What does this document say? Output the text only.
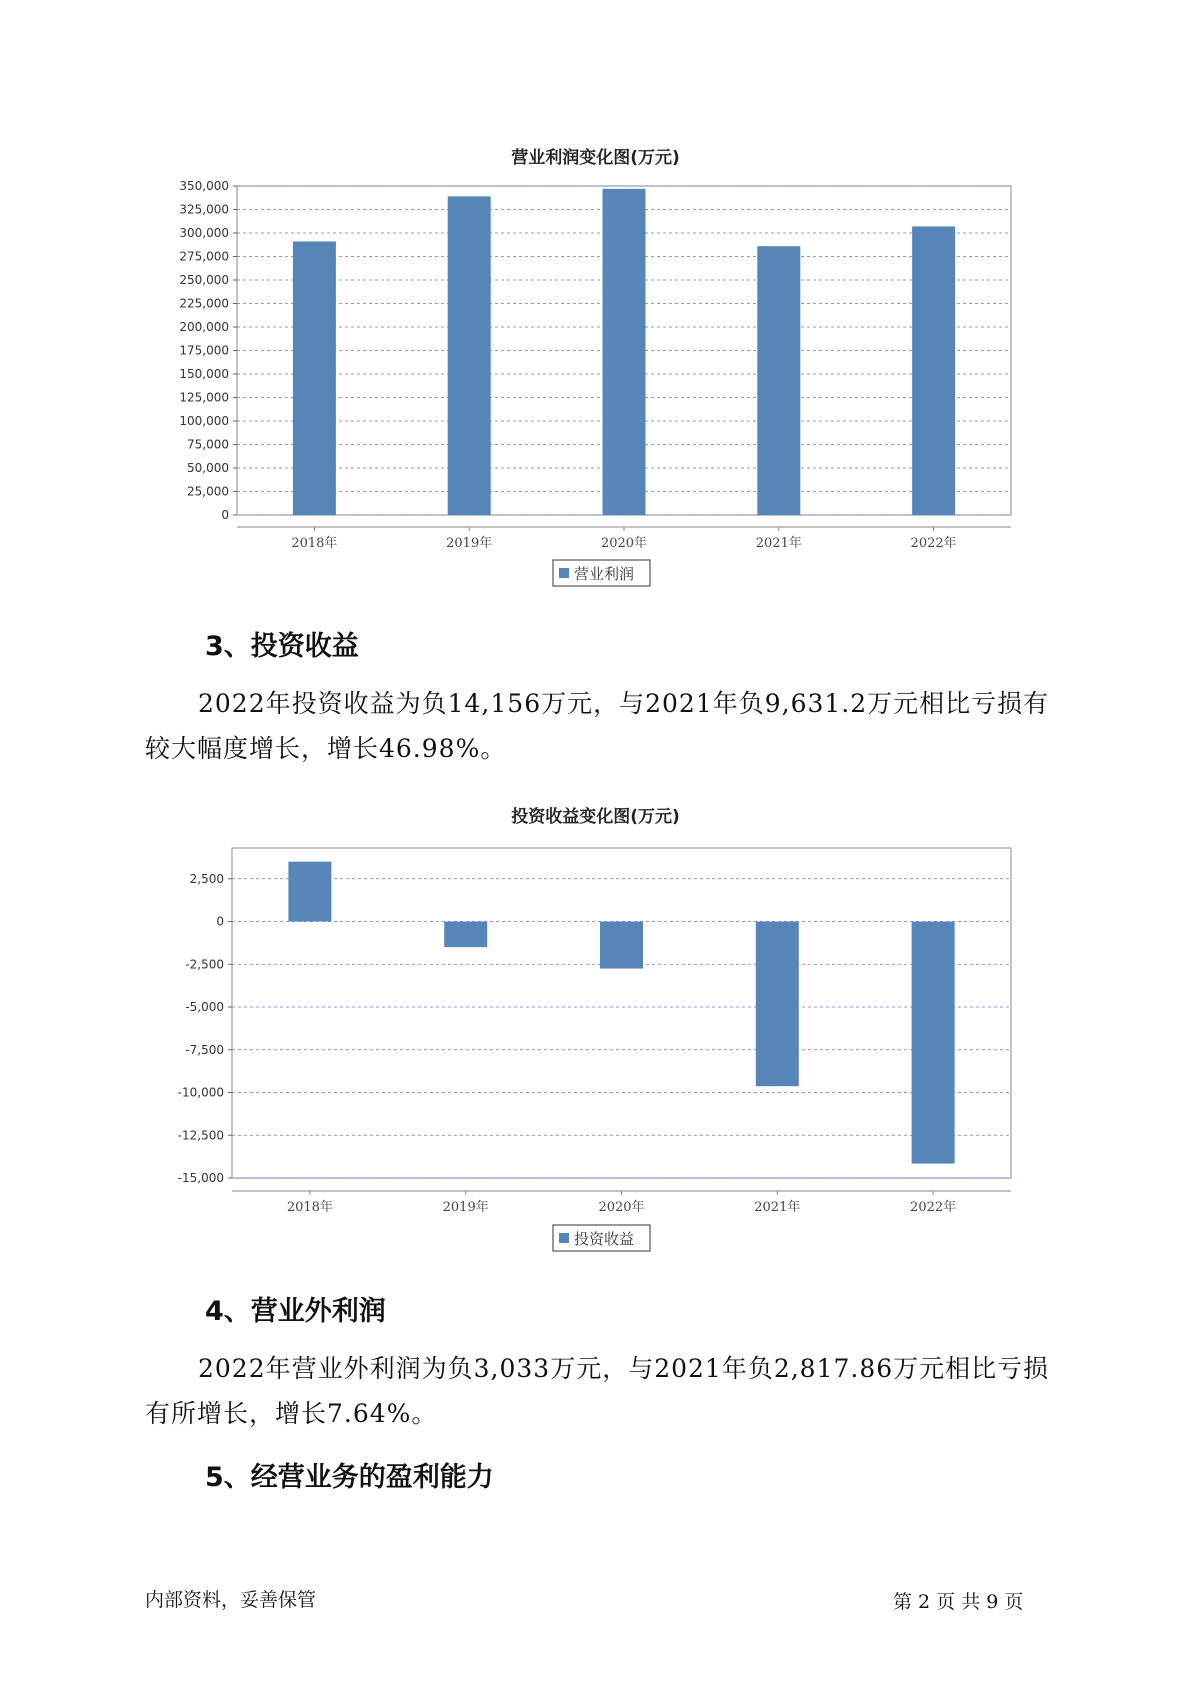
营业利润变化图(万元)
0
25,000
50,000
75,000
100,000
125,000
150,000
175,000
200,000
225,000
250,000
275,000
300,000
325,000
350,000
2018年	2019年	2020年	2021年	2022年
营业利润
3、投资收益

2022年投资收益为负14,156万元，与2021年负9,631.2万元相比亏损有较大幅度增长，增长46.98%。

投资收益变化图(万元)
-15,000
-12,500
-10,000
-7,500
-5,000
-2,500
0
2,500
2018年	2019年	2020年	2021年	2022年
投资收益
4、营业外利润

2022年营业外利润为负3,033万元，与2021年负2,817.86万元相比亏损有所增长，增长7.64%。

5、经营业务的盈利能力
内部资料，妥善保管	第 2 页 共 9 页
